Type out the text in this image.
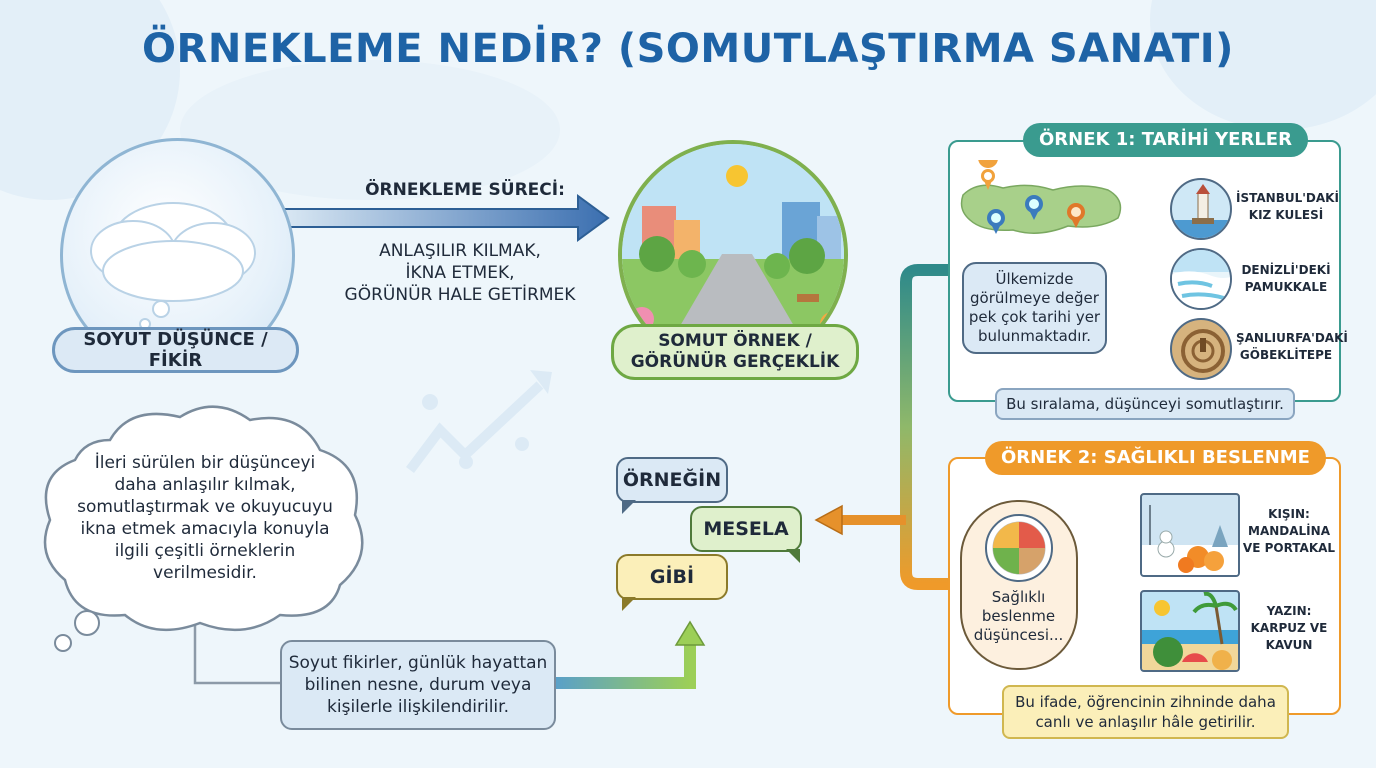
ÖRNEKLEME NEDİR? (SOMUTLAŞTIRMA SANATI)
SOYUT DÜŞÜNCE / FİKİR
ÖRNEKLEME SÜRECİ:
ANLAŞILIR KILMAK,
İKNA ETMEK,
GÖRÜNÜR HALE GETİRMEK
SOMUT ÖRNEK /
GÖRÜNÜR GERÇEKLİK
İleri sürülen bir düşünceyi
daha anlaşılır kılmak,
somutlaştırmak ve okuyucuyu
ikna etmek amacıyla konuyla
ilgili çeşitli örneklerin
verilmesidir.
Soyut fikirler, günlük hayattan
bilinen nesne, durum veya
kişilerle ilişkilendirilir.
ÖRNEĞİN
MESELA
GİBİ
ÖRNEK 1: TARİHİ YERLER
Ülkemizde
görülmeye değer
pek çok tarihi yer
bulunmaktadır.
İSTANBUL'DAKİ
KIZ KULESİ
DENİZLİ'DEKİ
PAMUKKALE
ŞANLIURFA'DAKİ
GÖBEKLİTEPE
Bu sıralama, düşünceyi somutlaştırır.
ÖRNEK 2: SAĞLIKLI BESLENME
Sağlıklı
beslenme
düşüncesi...
KIŞIN:
MANDALİNA
VE PORTAKAL
YAZIN:
KARPUZ VE
KAVUN
Bu ifade, öğrencinin zihninde daha
canlı ve anlaşılır hâle getirilir.
